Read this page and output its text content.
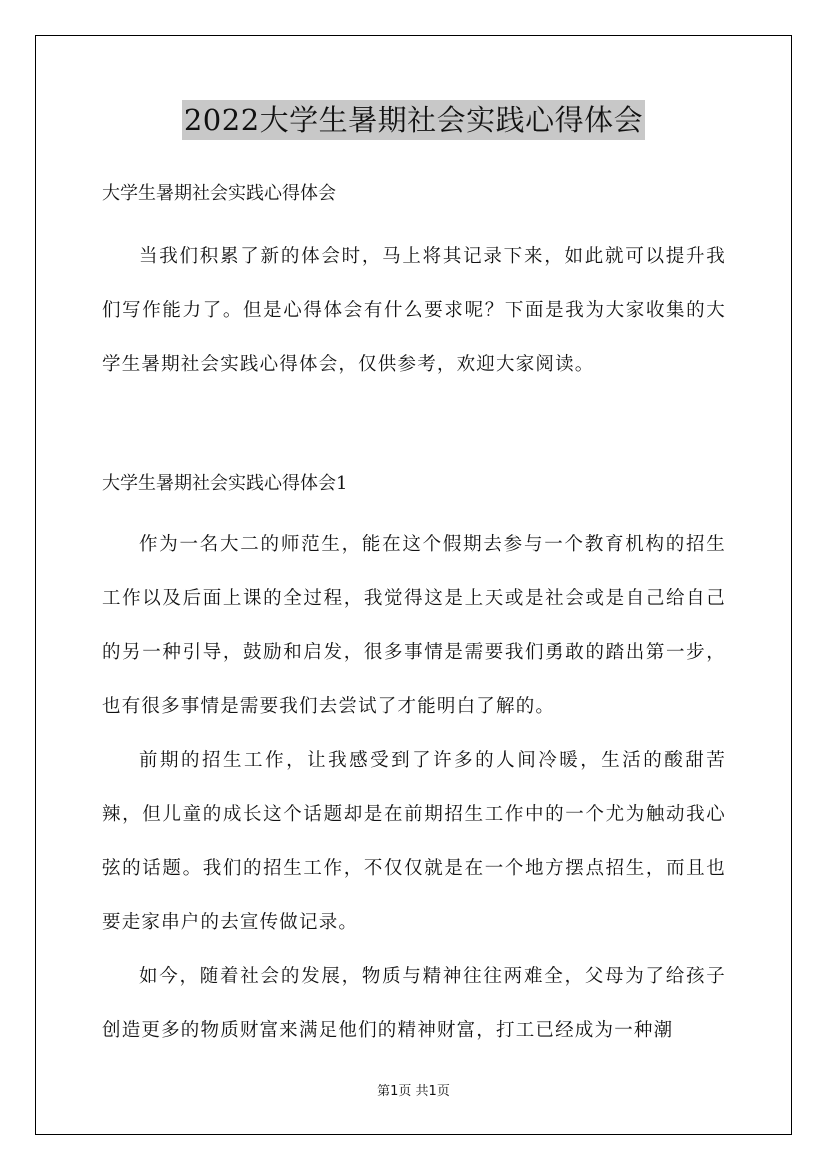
2022大学生暑期社会实践心得体会

大学生暑期社会实践心得体会

当我们积累了新的体会时，马上将其记录下来，如此就可以提升我们写作能力了。但是心得体会有什么要求呢？下面是我为大家收集的大学生暑期社会实践心得体会，仅供参考，欢迎大家阅读。

大学生暑期社会实践心得体会1

作为一名大二的师范生，能在这个假期去参与一个教育机构的招生工作以及后面上课的全过程，我觉得这是上天或是社会或是自己给自己的另一种引导，鼓励和启发，很多事情是需要我们勇敢的踏出第一步，也有很多事情是需要我们去尝试了才能明白了解的。

前期的招生工作，让我感受到了许多的人间冷暖，生活的酸甜苦辣，但儿童的成长这个话题却是在前期招生工作中的一个尤为触动我心弦的话题。我们的招生工作，不仅仅就是在一个地方摆点招生，而且也要走家串户的去宣传做记录。

如今，随着社会的发展，物质与精神往往两难全，父母为了给孩子创造更多的物质财富来满足他们的精神财富，打工已经成为一种潮

第1页 共1页
